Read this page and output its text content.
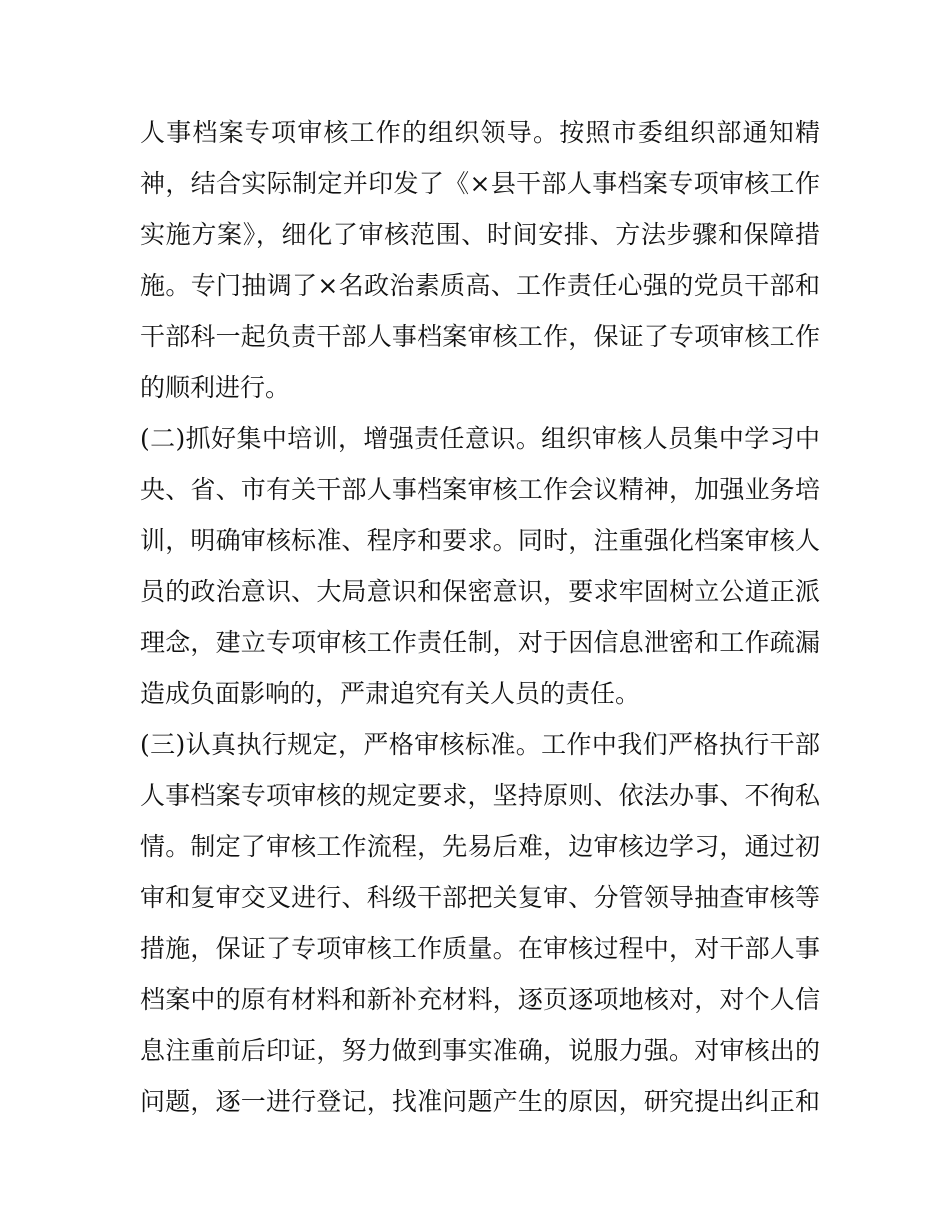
人事档案专项审核工作的组织领导。按照市委组织部通知精
神，结合实际制定并印发了《×县干部人事档案专项审核工作
实施方案》，细化了审核范围、时间安排、方法步骤和保障措
施。专门抽调了×名政治素质高、工作责任心强的党员干部和
干部科一起负责干部人事档案审核工作，保证了专项审核工作
的顺利进行。
(二)抓好集中培训，增强责任意识。组织审核人员集中学习中
央、省、市有关干部人事档案审核工作会议精神，加强业务培
训，明确审核标准、程序和要求。同时，注重强化档案审核人
员的政治意识、大局意识和保密意识，要求牢固树立公道正派
理念，建立专项审核工作责任制，对于因信息泄密和工作疏漏
造成负面影响的，严肃追究有关人员的责任。
(三)认真执行规定，严格审核标准。工作中我们严格执行干部
人事档案专项审核的规定要求，坚持原则、依法办事、不徇私
情。制定了审核工作流程，先易后难，边审核边学习，通过初
审和复审交叉进行、科级干部把关复审、分管领导抽查审核等
措施，保证了专项审核工作质量。在审核过程中，对干部人事
档案中的原有材料和新补充材料，逐页逐项地核对，对个人信
息注重前后印证，努力做到事实准确，说服力强。对审核出的
问题，逐一进行登记，找准问题产生的原因，研究提出纠正和
